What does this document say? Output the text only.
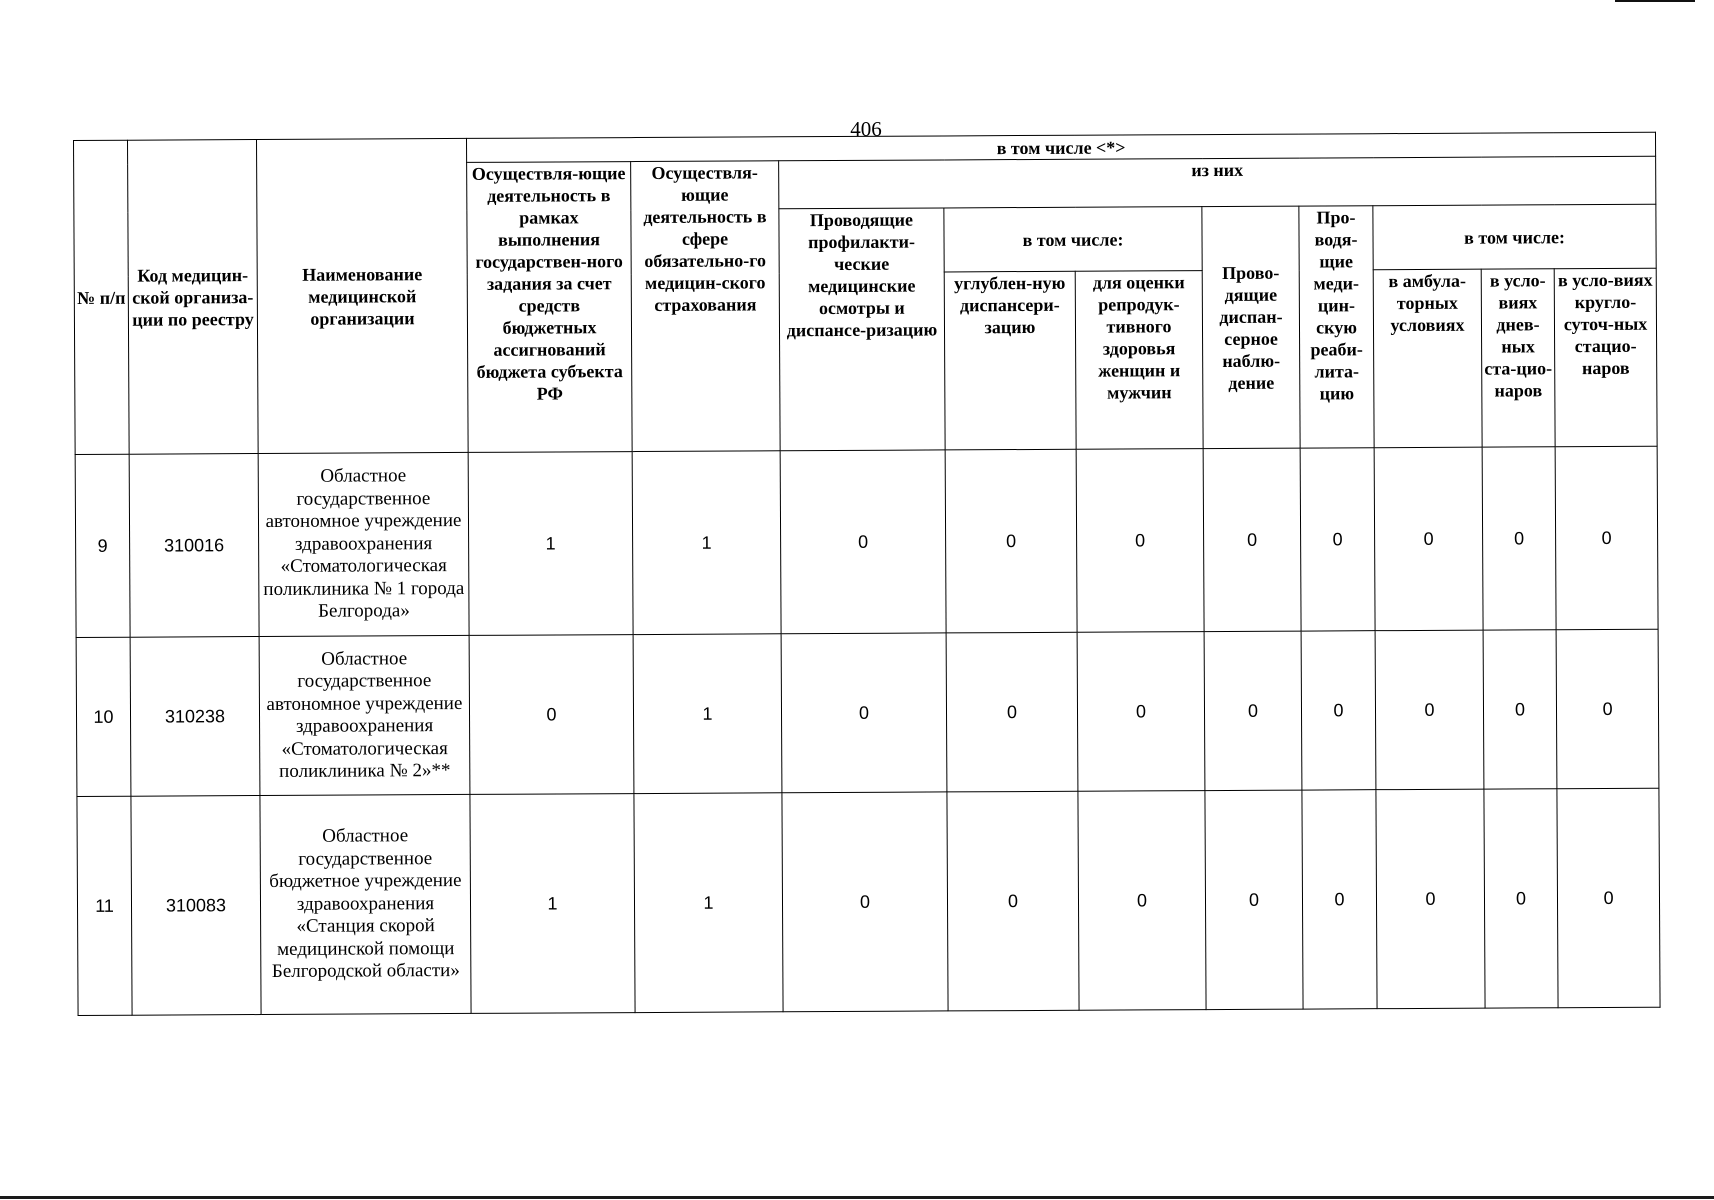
406
№ п/п	Код медицин-ской организа-ции по реестру	Наименование медицинской организации	в том числе <*>									
			Осуществля-ющие деятельность в рамках выполнения государствен-ного задания за счет средств бюджетных ассигнований бюджета субъекта РФ	Осуществля-ющие деятельность в сфере обязательно-го медицин-ского страхования	из них							
					Проводящие профилакти-ческие медицинские осмотры и диспансе-ризацию	в том числе:		Прово-дящие диспан-серное наблю-дение	Про-водя-щие меди-цин-скую реаби-лита-цию	в том числе:		
						углублен-ную диспансери-зацию	для оценки репродук-тивного здоровья женщин и мужчин			в амбула-торных условиях	в усло-виях днев-ных ста-цио-наров	в усло-виях кругло-суточ-ных стацио-наров
9	310016	Областное государственное автономное учреждение здравоохранения «Стоматологическая поликлиника № 1 города Белгорода»	1	1	0	0	0	0	0	0	0	0
10	310238	Областное государственное автономное учреждение здравоохранения «Стоматологическая поликлиника № 2»**	0	1	0	0	0	0	0	0	0	0
11	310083	Областное государственное бюджетное учреждение здравоохранения «Станция скорой медицинской помощи Белгородской области»	1	1	0	0	0	0	0	0	0	0
